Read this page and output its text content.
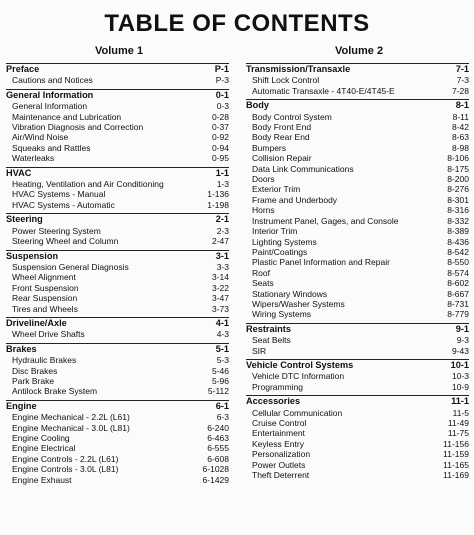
TABLE OF CONTENTS
Volume 1	Volume 2
Preface	P-1
Cautions and Notices	P-3
General Information	0-1
General Information	0-3
Maintenance and Lubrication	0-28
Vibration Diagnosis and Correction	0-37
Air/Wind Noise	0-92
Squeaks and Rattles	0-94
Waterleaks	0-95
HVAC	1-1
Heating, Ventilation and Air Conditioning	1-3
HVAC Systems - Manual	1-136
HVAC Systems - Automatic	1-198
Steering	2-1
Power Steering System	2-3
Steering Wheel and Column	2-47
Suspension	3-1
Suspension General Diagnosis	3-3
Wheel Alignment	3-14
Front Suspension	3-22
Rear Suspension	3-47
Tires and Wheels	3-73
Driveline/Axle	4-1
Wheel Drive Shafts	4-3
Brakes	5-1
Hydraulic Brakes	5-3
Disc Brakes	5-46
Park Brake	5-96
Antilock Brake System	5-112
Engine	6-1
Engine Mechanical - 2.2L (L61)	6-3
Engine Mechanical - 3.0L (L81)	6-240
Engine Cooling	6-463
Engine Electrical	6-555
Engine Controls - 2.2L (L61)	6-608
Engine Controls - 3.0L (L81)	6-1028
Engine Exhaust	6-1429
Transmission/Transaxle	7-1
Shift Lock Control	7-3
Automatic Transaxle - 4T40-E/4T45-E	7-28
Body	8-1
Body Control System	8-11
Body Front End	8-42
Body Rear End	8-63
Bumpers	8-98
Collision Repair	8-106
Data Link Communications	8-175
Doors	8-200
Exterior Trim	8-276
Frame and Underbody	8-301
Horns	8-316
Instrument Panel, Gages, and Console	8-332
Interior Trim	8-389
Lighting Systems	8-436
Paint/Coatings	8-542
Plastic Panel Information and Repair	8-550
Roof	8-574
Seats	8-602
Stationary Windows	8-667
Wipers/Washer Systems	8-731
Wiring Systems	8-779
Restraints	9-1
Seat Belts	9-3
SIR	9-43
Vehicle Control Systems	10-1
Vehicle DTC Information	10-3
Programming	10-9
Accessories	11-1
Cellular Communication	11-5
Cruise Control	11-49
Entertainment	11-75
Keyless Entry	11-156
Personalization	11-159
Power Outlets	11-165
Theft Deterrent	11-169
